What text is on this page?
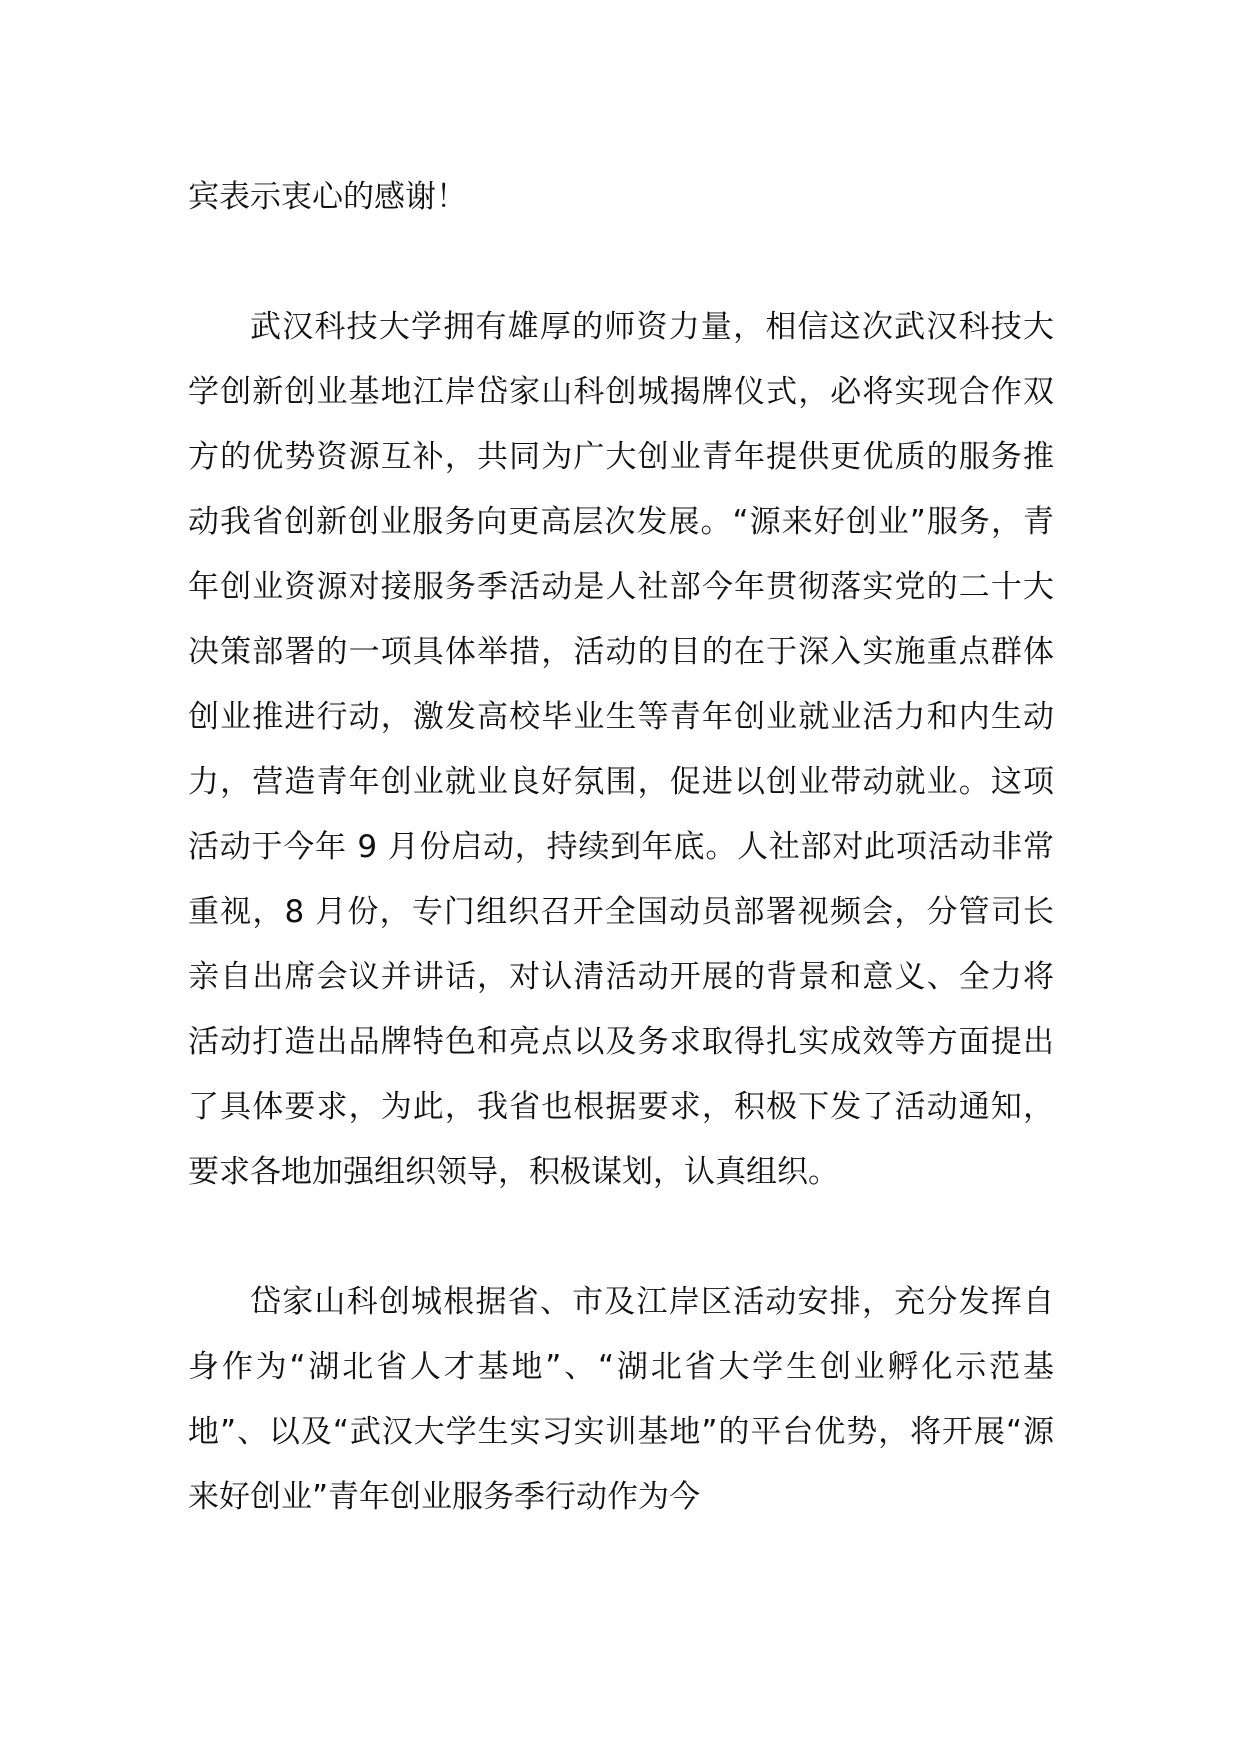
宾表示衷心的感谢！

武汉科技大学拥有雄厚的师资力量，相信这次武汉科技大学创新创业基地江岸岱家山科创城揭牌仪式，必将实现合作双方的优势资源互补，共同为广大创业青年提供更优质的服务推动我省创新创业服务向更高层次发展。“源来好创业”服务，青年创业资源对接服务季活动是人社部今年贯彻落实党的二十大决策部署的一项具体举措，活动的目的在于深入实施重点群体创业推进行动，激发高校毕业生等青年创业就业活力和内生动力，营造青年创业就业良好氛围，促进以创业带动就业。这项活动于今年 9 月份启动，持续到年底。人社部对此项活动非常重视，8 月份，专门组织召开全国动员部署视频会，分管司长亲自出席会议并讲话，对认清活动开展的背景和意义、全力将活动打造出品牌特色和亮点以及务求取得扎实成效等方面提出了具体要求，为此，我省也根据要求，积极下发了活动通知，要求各地加强组织领导，积极谋划，认真组织。

岱家山科创城根据省、市及江岸区活动安排，充分发挥自身作为“湖北省人才基地”、“湖北省大学生创业孵化示范基地”、以及“武汉大学生实习实训基地”的平台优势，将开展“源来好创业”青年创业服务季行动作为今
